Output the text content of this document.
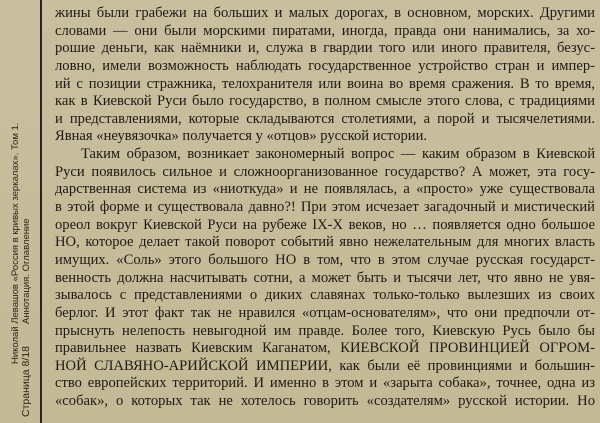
Николай Левашов «Россия в кривых зеркалах». Том 1. Аннотация. Оглавление
Страница 8/18
жины были грабежи на больших и малых дорогах, в основном, морских. Другими
словами — они были морскими пиратами, иногда, правда они нанимались, за хо-
рошие деньги, как наёмники и, служа в гвардии того или иного правителя, безус-
ловно, имели возможность наблюдать государственное устройство стран и импер-
ий с позиции стражника, телохранителя или воина во время сражения. В то время,
как в Киевской Руси было государство, в полном смысле этого слова, с традициями
и представлениями, которые складываются столетиями, а порой и тысячелетиями.
Явная «неувязочка» получается у «отцов» русской истории.
Таким образом, возникает закономерный вопрос — каким образом в Киевской
Руси появилось сильное и сложноорганизованное государство? А может, эта госу-
дарственная система из «ниоткуда» и не появлялась, а «просто» уже существовала
в этой форме и существовала давно?! При этом исчезает загадочный и мистический
ореол вокруг Киевской Руси на рубеже IX-X веков, но … появляется одно большое
НО, которое делает такой поворот событий явно нежелательным для многих власть
имущих. «Соль» этого большого НО в том, что в этом случае русская государст-
венность должна насчитывать сотни, а может быть и тысячи лет, что явно не увя-
зывалось с представлениями о диких славянах только-только вылезших из своих
берлог. И этот факт так не нравился «отцам-основателям», что они предпочли от-
прыснуть нелепость невыгодной им правде. Более того, Киевскую Русь было бы
правильнее назвать Киевским Каганатом, КИЕВСКОЙ ПРОВИНЦИЕЙ ОГРОМ-
НОЙ СЛАВЯНО-АРИЙСКОЙ ИМПЕРИИ, как были её провинциями и большин-
ство европейских территорий. И именно в этом и «зарыта собака», точнее, одна из
«собак», о которых так не хотелось говорить «создателям» русской истории. Но
